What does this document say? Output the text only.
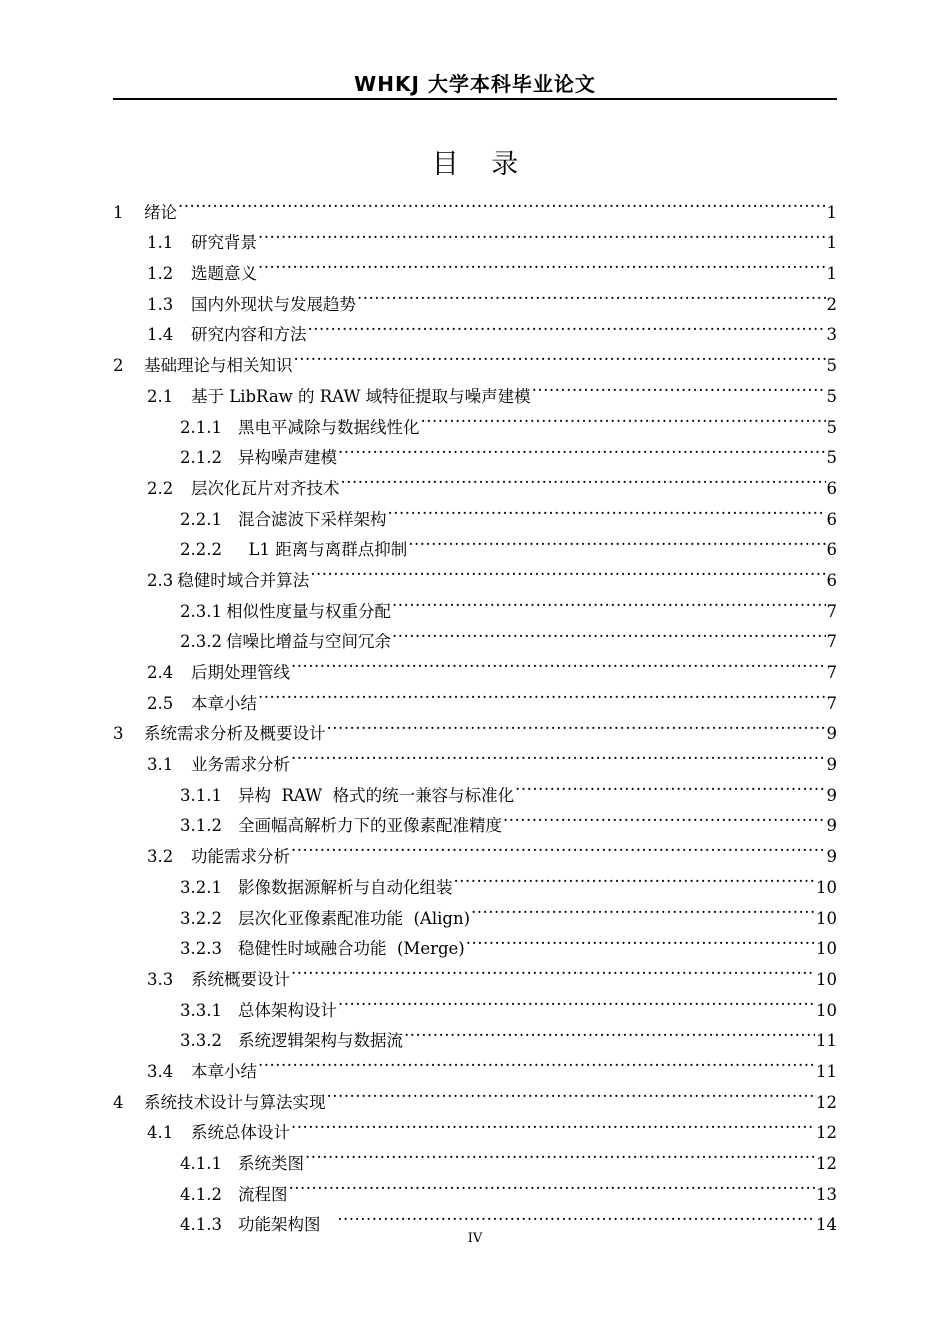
WHKJ 大学本科毕业论文
目 录
1	绪论 .....	1
1.1	研究背景 .....	1
1.2	选题意义 .....	1
1.3	国内外现状与发展趋势 .....	2
1.4	研究内容和方法 .....	3
2	基础理论与相关知识 .....	5
2.1	基于 LibRaw 的 RAW 域特征提取与噪声建模 .....	5
2.1.1 黑电平减除与数据线性化 .....	5
2.1.2 异构噪声建模 .....	5
2.2	层次化瓦片对齐技术 .....	6
2.2.1 混合滤波下采样架构 .....	6
2.2.2 L1 距离与离群点抑制 .....	6
2.3 稳健时域合并算法 .....	6
2.3.1 相似性度量与权重分配 .....	7
2.3.2 信噪比增益与空间冗余 .....	7
2.4	后期处理管线 .....	7
2.5	本章小结 .....	7
3	系统需求分析及概要设计 .....	9
3.1	业务需求分析 .....	9
3.1.1 异构  RAW  格式的统一兼容与标准化 .....	9
3.1.2 全画幅高解析力下的亚像素配准精度 .....	9
3.2	功能需求分析 .....	9
3.2.1 影像数据源解析与自动化组装 .....	10
3.2.2 层次化亚像素配准功能  (Align) .....	10
3.2.3 稳健性时域融合功能  (Merge) .....	10
3.3	系统概要设计 .....	10
3.3.1 总体架构设计 .....	10
3.3.2 系统逻辑架构与数据流 .....	11
3.4	本章小结 .....	11
4	系统技术设计与算法实现 .....	12
4.1	系统总体设计 .....	12
4.1.1 系统类图 .....	12
4.1.2 流程图 .....	13
4.1.3 功能架构图 .....	14
IV
